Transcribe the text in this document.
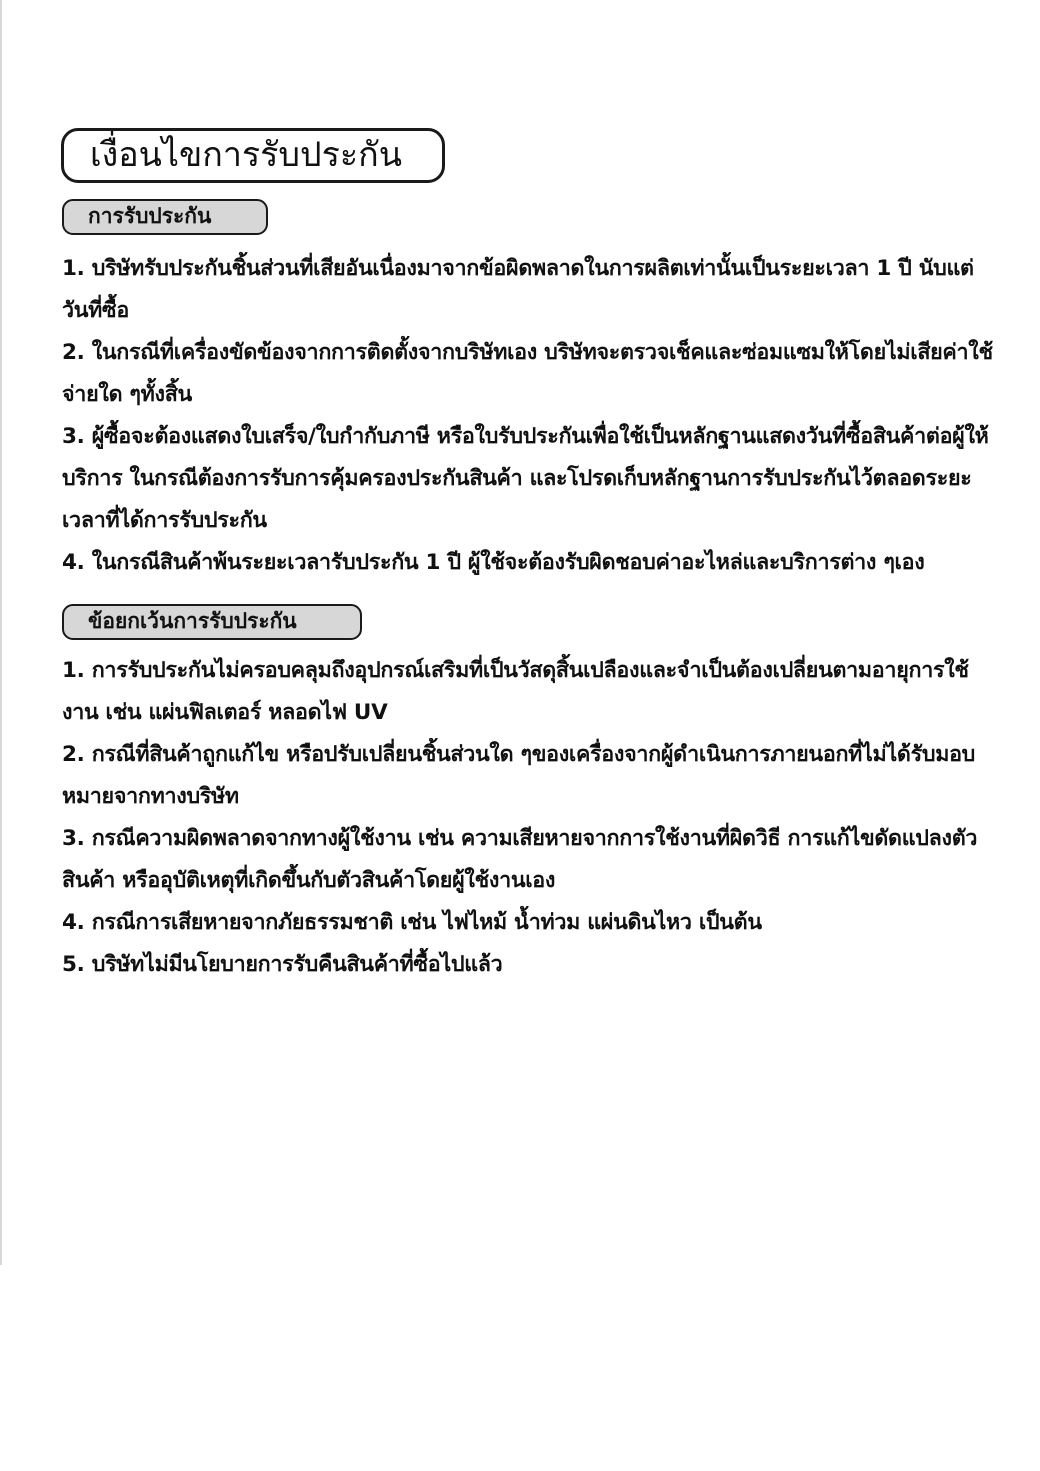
เงื่อนไขการรับประกัน
การรับประกัน
1. บริษัทรับประกันชิ้นส่วนที่เสียอันเนื่องมาจากข้อผิดพลาดในการผลิตเท่านั้นเป็นระยะเวลา 1 ปี นับแต่วันที่ซื้อ
2. ในกรณีที่เครื่องขัดข้องจากการติดตั้งจากบริษัทเอง บริษัทจะตรวจเช็คและซ่อมแซมให้โดยไม่เสียค่าใช้จ่ายใด ๆทั้งสิ้น
3. ผู้ซื้อจะต้องแสดงใบเสร็จ/ใบกำกับภาษี หรือใบรับประกันเพื่อใช้เป็นหลักฐานแสดงวันที่ซื้อสินค้าต่อผู้ให้บริการ ในกรณีต้องการรับการคุ้มครองประกันสินค้า และโปรดเก็บหลักฐานการรับประกันไว้ตลอดระยะเวลาที่ได้การรับประกัน
4. ในกรณีสินค้าพ้นระยะเวลารับประกัน 1 ปี ผู้ใช้จะต้องรับผิดชอบค่าอะไหล่และบริการต่าง ๆเอง
ข้อยกเว้นการรับประกัน
1. การรับประกันไม่ครอบคลุมถึงอุปกรณ์เสริมที่เป็นวัสดุสิ้นเปลืองและจำเป็นต้องเปลี่ยนตามอายุการใช้งาน เช่น แผ่นฟิลเตอร์ หลอดไฟ UV
2. กรณีที่สินค้าถูกแก้ไข หรือปรับเปลี่ยนชิ้นส่วนใด ๆของเครื่องจากผู้ดำเนินการภายนอกที่ไม่ได้รับมอบหมายจากทางบริษัท
3. กรณีความผิดพลาดจากทางผู้ใช้งาน เช่น ความเสียหายจากการใช้งานที่ผิดวิธี การแก้ไขดัดแปลงตัวสินค้า หรืออุบัติเหตุที่เกิดขึ้นกับตัวสินค้าโดยผู้ใช้งานเอง
4. กรณีการเสียหายจากภัยธรรมชาติ เช่น ไฟไหม้ น้ำท่วม แผ่นดินไหว เป็นต้น
5. บริษัทไม่มีนโยบายการรับคืนสินค้าที่ซื้อไปแล้ว
